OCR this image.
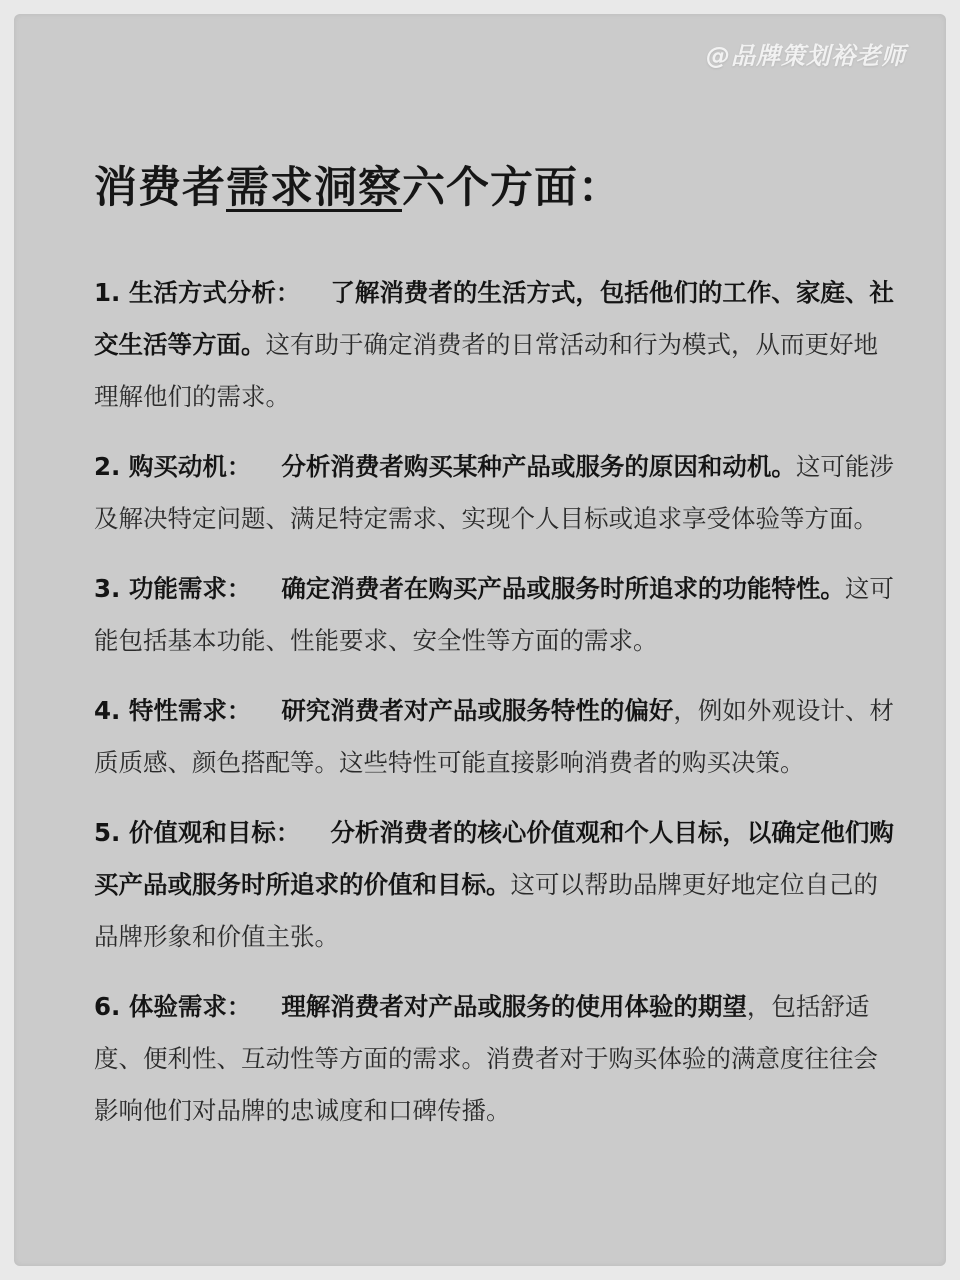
@品牌策划裕老师
消费者需求洞察六个方面：

1. 生活方式分析： 了解消费者的生活方式，包括他们的工作、家庭、社交生活等方面。这有助于确定消费者的日常活动和行为模式，从而更好地理解他们的需求。

2. 购买动机： 分析消费者购买某种产品或服务的原因和动机。这可能涉及解决特定问题、满足特定需求、实现个人目标或追求享受体验等方面。

3. 功能需求： 确定消费者在购买产品或服务时所追求的功能特性。这可能包括基本功能、性能要求、安全性等方面的需求。

4. 特性需求： 研究消费者对产品或服务特性的偏好，例如外观设计、材质质感、颜色搭配等。这些特性可能直接影响消费者的购买决策。

5. 价值观和目标： 分析消费者的核心价值观和个人目标，以确定他们购买产品或服务时所追求的价值和目标。这可以帮助品牌更好地定位自己的品牌形象和价值主张。

6. 体验需求： 理解消费者对产品或服务的使用体验的期望，包括舒适度、便利性、互动性等方面的需求。消费者对于购买体验的满意度往往会影响他们对品牌的忠诚度和口碑传播。
